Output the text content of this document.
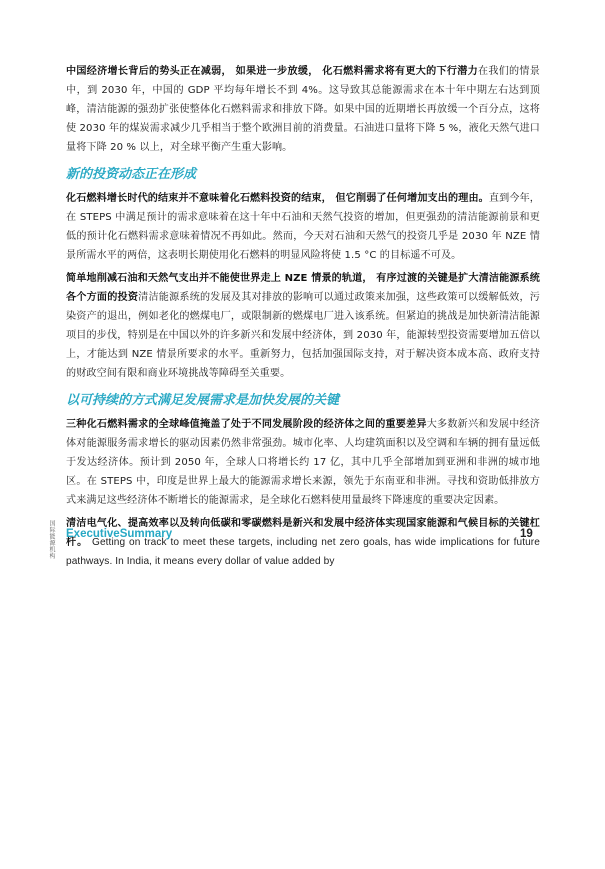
中国经济增长背后的势头正在减弱， 如果进一步放缓， 化石燃料需求将有更大的下行潜力在我们的情景中，到 2030 年，中国的 GDP 平均每年增长不到 4%。这导致其总能源需求在本十年中期左右达到顶峰，清洁能源的强劲扩张使整体化石燃料需求和排放下降。如果中国的近期增长再放缓一个百分点，这将使 2030 年的煤炭需求减少几乎相当于整个欧洲目前的消费量。石油进口量将下降 5 %，液化天然气进口量将下降 20 % 以上，对全球平衡产生重大影响。

新的投资动态正在形成

化石燃料增长时代的结束并不意味着化石燃料投资的结束， 但它削弱了任何增加支出的理由。直到今年，在 STEPS 中满足预计的需求意味着在这十年中石油和天然气投资的增加，但更强劲的清洁能源前景和更低的预计化石燃料需求意味着情况不再如此。然而，今天对石油和天然气的投资几乎是 2030 年 NZE 情景所需水平的两倍，这表明长期使用化石燃料的明显风险将使 1.5 °C 的目标遥不可及。

简单地削减石油和天然气支出并不能使世界走上 NZE 情景的轨道， 有序过渡的关键是扩大清洁能源系统各个方面的投资清洁能源系统的发展及其对排放的影响可以通过政策来加强，这些政策可以缓解低效，污染资产的退出，例如老化的燃煤电厂，或限制新的燃煤电厂进入该系统。但紧迫的挑战是加快新清洁能源项目的步伐，特别是在中国以外的许多新兴和发展中经济体，到 2030 年，能源转型投资需要增加五倍以上，才能达到 NZE 情景所要求的水平。重新努力，包括加强国际支持，对于解决资本成本高、政府支持的财政空间有限和商业环境挑战等障碍至关重要。

以可持续的方式满足发展需求是加快发展的关键

三种化石燃料需求的全球峰值掩盖了处于不同发展阶段的经济体之间的重要差异大多数新兴和发展中经济体对能源服务需求增长的驱动因素仍然非常强劲。城市化率、人均建筑面积以及空调和车辆的拥有量远低于发达经济体。预计到 2050 年，全球人口将增长约 17 亿，其中几乎全部增加到亚洲和非洲的城市地区。在 STEPS 中，印度是世界上最大的能源需求增长来源，领先于东南亚和非洲。寻找和资助低排放方式来满足这些经济体不断增长的能源需求，是全球化石燃料使用量最终下降速度的重要决定因素。

清洁电气化、提高效率以及转向低碳和零碳燃料是新兴和发展中经济体实现国家能源和气候目标的关键杠杆。 Getting on track to meet these targets, including net zero goals, has wide implications for future pathways. In India, it means every dollar of value added by

国际能源机构 ExecutiveSummary	19
